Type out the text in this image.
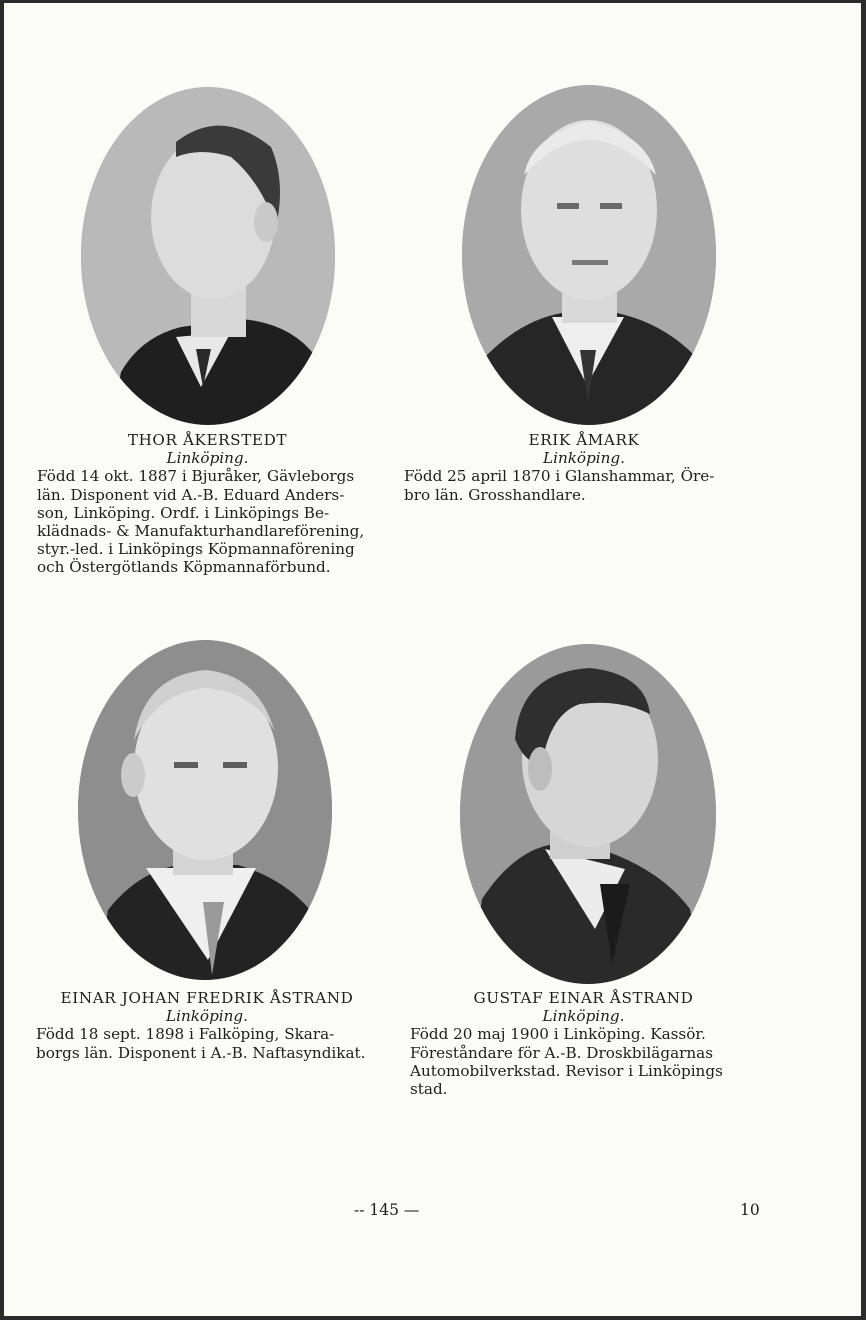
THOR ÅKERSTEDT
Linköping.
Född 14 okt. 1887 i Bjuråker, Gävleborgs
län. Disponent vid A.-B. Eduard Anders-
son, Linköping. Ordf. i Linköpings Be-
klädnads- & Manufakturhandlareförening,
styr.-led. i Linköpings Köpmannaförening
och Östergötlands Köpmannaförbund.
ERIK ÅMARK
Linköping.
Född 25 april 1870 i Glanshammar, Öre-
bro län. Grosshandlare.
EINAR JOHAN FREDRIK ÅSTRAND
Linköping.
Född 18 sept. 1898 i Falköping, Skara-
borgs län. Disponent i A.-B. Naftasyndikat.
GUSTAF EINAR ÅSTRAND
Linköping.
Född 20 maj 1900 i Linköping. Kassör.
Föreståndare för A.-B. Droskbilägarnas
Automobilverkstad. Revisor i Linköpings
stad.
-- 145 —	10
